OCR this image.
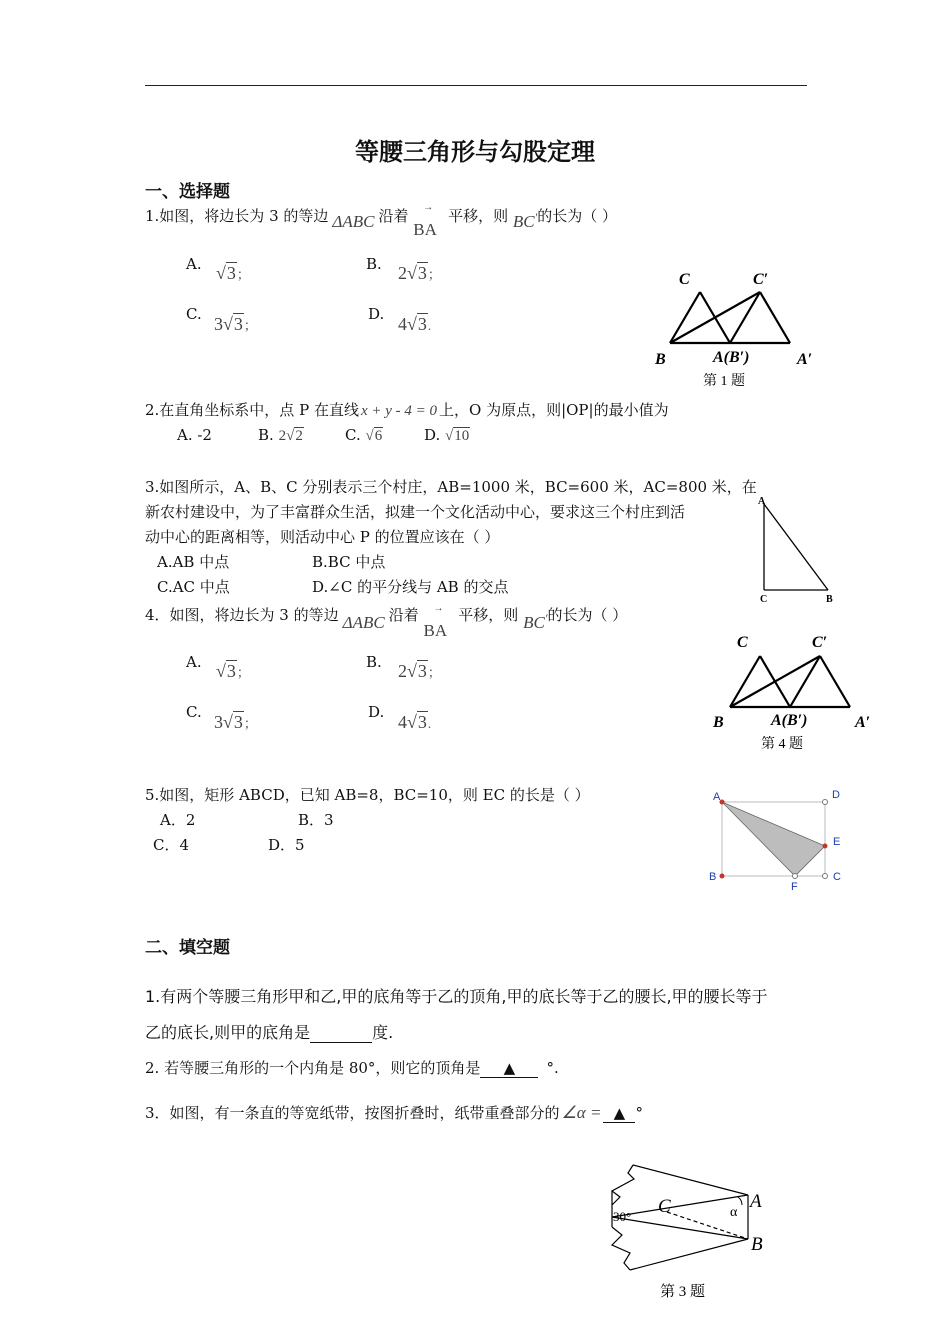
等腰三角形与勾股定理
一、选择题
1.如图，将边长为 3 的等边 ΔABC 沿着 →
BA 平移，则 BC′的长为（ ）
A. √3；
B. 2√3；
C. 3√3；
D. 4√3.
C	C′
B	A(B′)	A′
第 1 题
2.在直角坐标系中，点 P 在直线 x + y - 4 = 0 上，O 为原点，则|OP|的最小值为
A. -2	B. 2√2	C. √6	D. √10
3.如图所示，A、B、C 分别表示三个村庄，AB=1000 米，BC=600 米，AC=800 米，在
新农村建设中，为了丰富群众生活，拟建一个文化活动中心，要求这三个村庄到活
动中心的距离相等，则活动中心 P 的位置应该在（ ）
A.AB 中点	B.BC 中点
C.AC 中点	D.∠C 的平分线与 AB 的交点
A
C	B
4．如图，将边长为 3 的等边 ΔABC 沿着 →
BA 平移，则 BC′的长为（ ）
A. √3；
B. 2√3；
C. 3√3；
D. 4√3.
C	C′
B	A(B′)	A′
第 4 题
5.如图，矩形 ABCD，已知 AB=8，BC=10，则 EC 的长是（ ）
A．2	B．3
C．4	D．5
A	D
E
B
F
C
二、填空题
1.有两个等腰三角形甲和乙,甲的底角等于乙的顶角,甲的底长等于乙的腰长,甲的腰长等于
乙的底长,则甲的底角是	度.
2. 若等腰三角形的一个内角是 80°，则它的顶角是 ▲ °.
3．如图，有一条直的等宽纸带，按图折叠时，纸带重叠部分的 ∠α = ▲ °
30° C	α
A
B
第 3 题
